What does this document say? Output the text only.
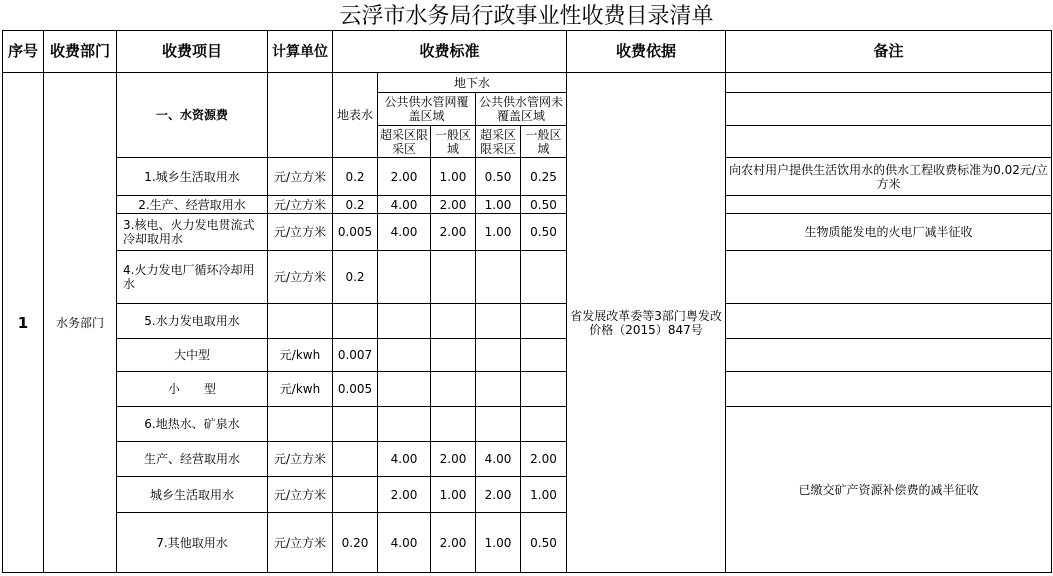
云浮市水务局行政事业性收费目录清单
序号	收费部门	收费项目	计算单位	收费标准					收费依据	备注
1	水务部门	一、水资源费		地表水	地下水				省发展改革委等3部门粤发改价格（2015）847号	
					公共供水管网覆盖区域		公共供水管网未覆盖区域			
					超采区限采区	一般区域	超采区限采区	一般区域		
		1.城乡生活取用水	元/立方米	0.2	2.00	1.00	0.50	0.25		向农村用户提供生活饮用水的供水工程收费标准为0.02元/立方米
		2.生产、经营取用水	元/立方米	0.2	4.00	2.00	1.00	0.50		
		3.核电、火力发电贯流式冷却取用水	元/立方米	0.005	4.00	2.00	1.00	0.50		生物质能发电的火电厂减半征收
		4.火力发电厂循环冷却用水	元/立方米	0.2						
		5.水力发电取用水								
		大中型	元/kwh	0.007						
		小　　型	元/kwh	0.005						
		6.地热水、矿泉水								已缴交矿产资源补偿费的减半征收
		生产、经营取用水	元/立方米		4.00	2.00	4.00	2.00		
		城乡生活取用水	元/立方米		2.00	1.00	2.00	1.00		
		7.其他取用水	元/立方米	0.20	4.00	2.00	1.00	0.50		
